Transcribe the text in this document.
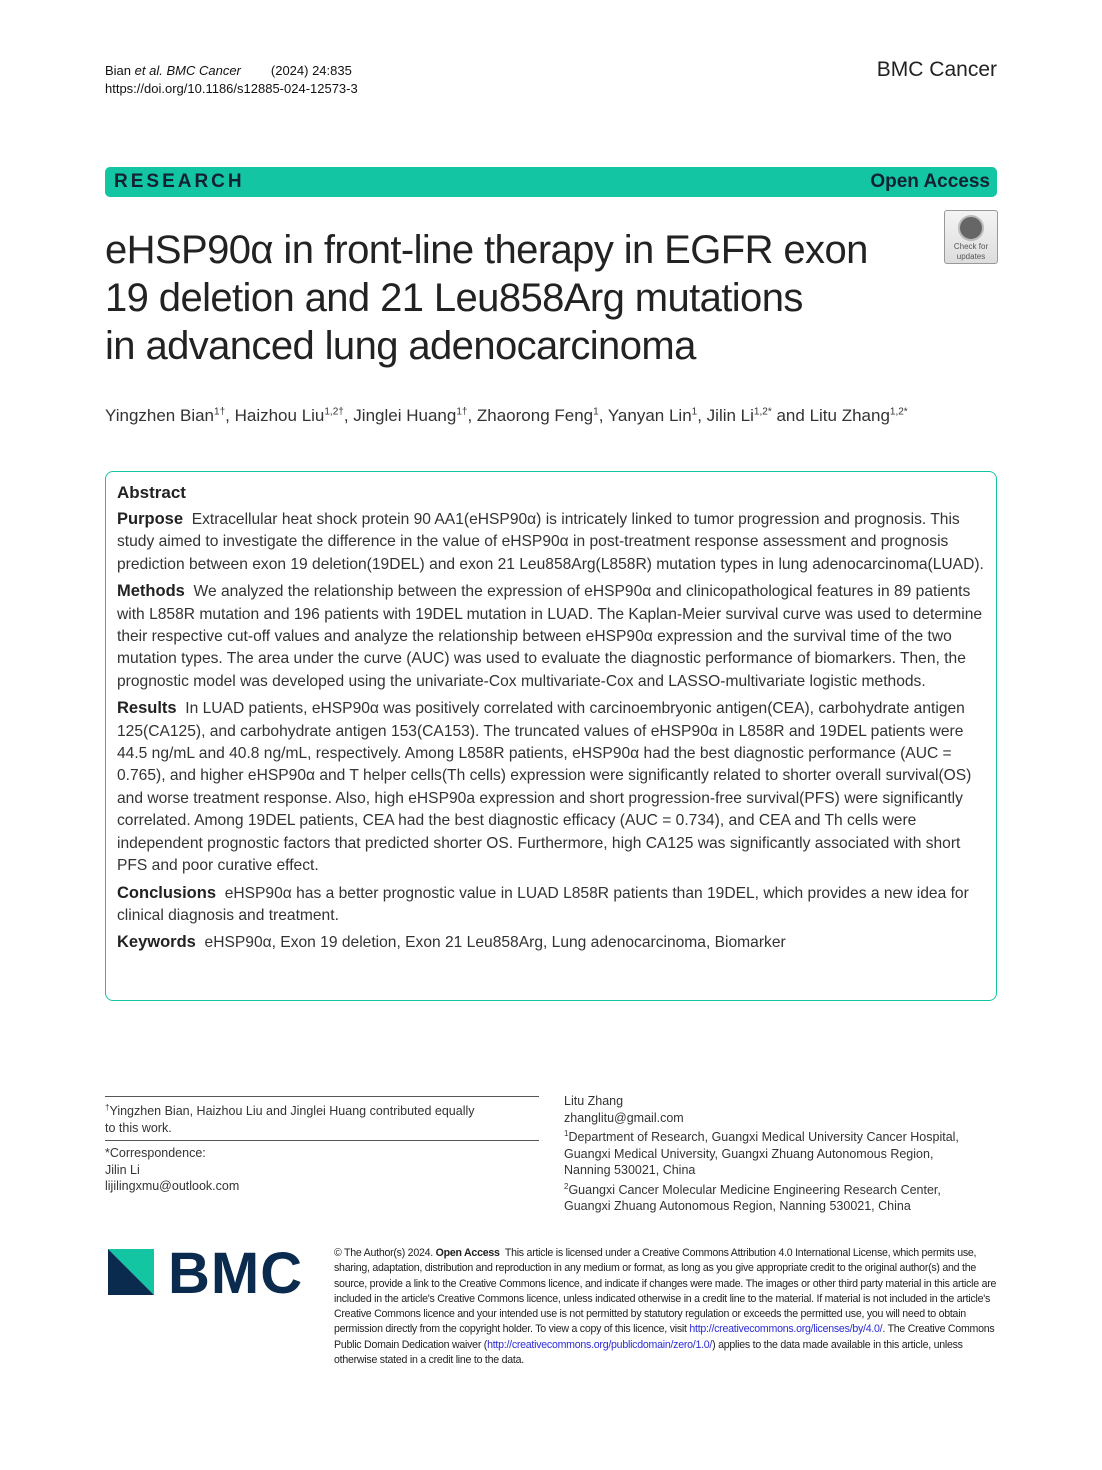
Bian et al. BMC Cancer (2024) 24:835
https://doi.org/10.1186/s12885-024-12573-3
BMC Cancer
RESEARCH	Open Access
Check for
updates
eHSP90α in front-line therapy in EGFR exon
19 deletion and 21 Leu858Arg mutations
in advanced lung adenocarcinoma
Yingzhen Bian$^{1\dagger}$, Haizhou Liu$^{1,2\dagger}$, Jinglei Huang$^{1\dagger}$, Zhaorong Feng$^1$, Yanyan Lin$^1$, Jilin $Li^{1,2*}$ and Litu Zhang$^{1,2*}$
Abstract

Purpose Extracellular heat shock protein 90 AA1(eHSP90α) is intricately linked to tumor progression and prognosis. This study aimed to investigate the difference in the value of eHSP90α in post-treatment response assessment and prognosis prediction between exon 19 deletion(19DEL) and exon 21 Leu858Arg(L858R) mutation types in lung adenocarcinoma(LUAD).

Methods We analyzed the relationship between the expression of eHSP90α and clinicopathological features in 89 patients with L858R mutation and 196 patients with 19DEL mutation in LUAD. The Kaplan-Meier survival curve was used to determine their respective cut-off values and analyze the relationship between eHSP90α expression and the survival time of the two mutation types. The area under the curve (AUC) was used to evaluate the diagnostic performance of biomarkers. Then, the prognostic model was developed using the univariate-Cox multivariate-Cox and LASSO-multivariate logistic methods.

Results In LUAD patients, eHSP90α was positively correlated with carcinoembryonic antigen(CEA), carbohydrate antigen 125(CA125), and carbohydrate antigen 153(CA153). The truncated values of eHSP90α in L858R and 19DEL patients were 44.5 ng/mL and 40.8 ng/mL, respectively. Among L858R patients, eHSP90α had the best diagnostic performance (AUC = 0.765), and higher eHSP90α and T helper cells(Th cells) expression were significantly related to shorter overall survival(OS) and worse treatment response. Also, high eHSP90a expression and short progression-free survival(PFS) were significantly correlated. Among 19DEL patients, CEA had the best diagnostic efficacy (AUC = 0.734), and CEA and Th cells were independent prognostic factors that predicted shorter OS. Furthermore, high CA125 was significantly associated with short PFS and poor curative effect.

Conclusions eHSP90α has a better prognostic value in LUAD L858R patients than 19DEL, which provides a new idea for clinical diagnosis and treatment.

Keywords eHSP90α, Exon 19 deletion, Exon 21 Leu858Arg, Lung adenocarcinoma, Biomarker

†Yingzhen Bian, Haizhou Liu and Jinglei Huang contributed equally to this work.
*Correspondence:
Jilin Li
lijilingxmu@outlook.com
Litu Zhang
zhanglitu@gmail.com
$^1$Department of Research, Guangxi Medical University Cancer Hospital, Guangxi Medical University, Guangxi Zhuang Autonomous Region, Nanning 530021, China
$^2$Guangxi Cancer Molecular Medicine Engineering Research Center, Guangxi Zhuang Autonomous Region, Nanning 530021, China
BMC	© The Author(s) 2024. Open Access This article is licensed under a Creative Commons Attribution 4.0 International License, which permits use, sharing, adaptation, distribution and reproduction in any medium or format, as long as you give appropriate credit to the original author(s) and the source, provide a link to the Creative Commons licence, and indicate if changes were made. The images or other third party material in this article are included in the article's Creative Commons licence, unless indicated otherwise in a credit line to the material. If material is not included in the article's Creative Commons licence and your intended use is not permitted by statutory regulation or exceeds the permitted use, you will need to obtain permission directly from the copyright holder. To view a copy of this licence, visit http://creativecommons.org/licenses/by/4.0/. The Creative Commons Public Domain Dedication waiver (http://creativecommons.org/publicdomain/zero/1.0/) applies to the data made available in this article, unless otherwise stated in a credit line to the data.
